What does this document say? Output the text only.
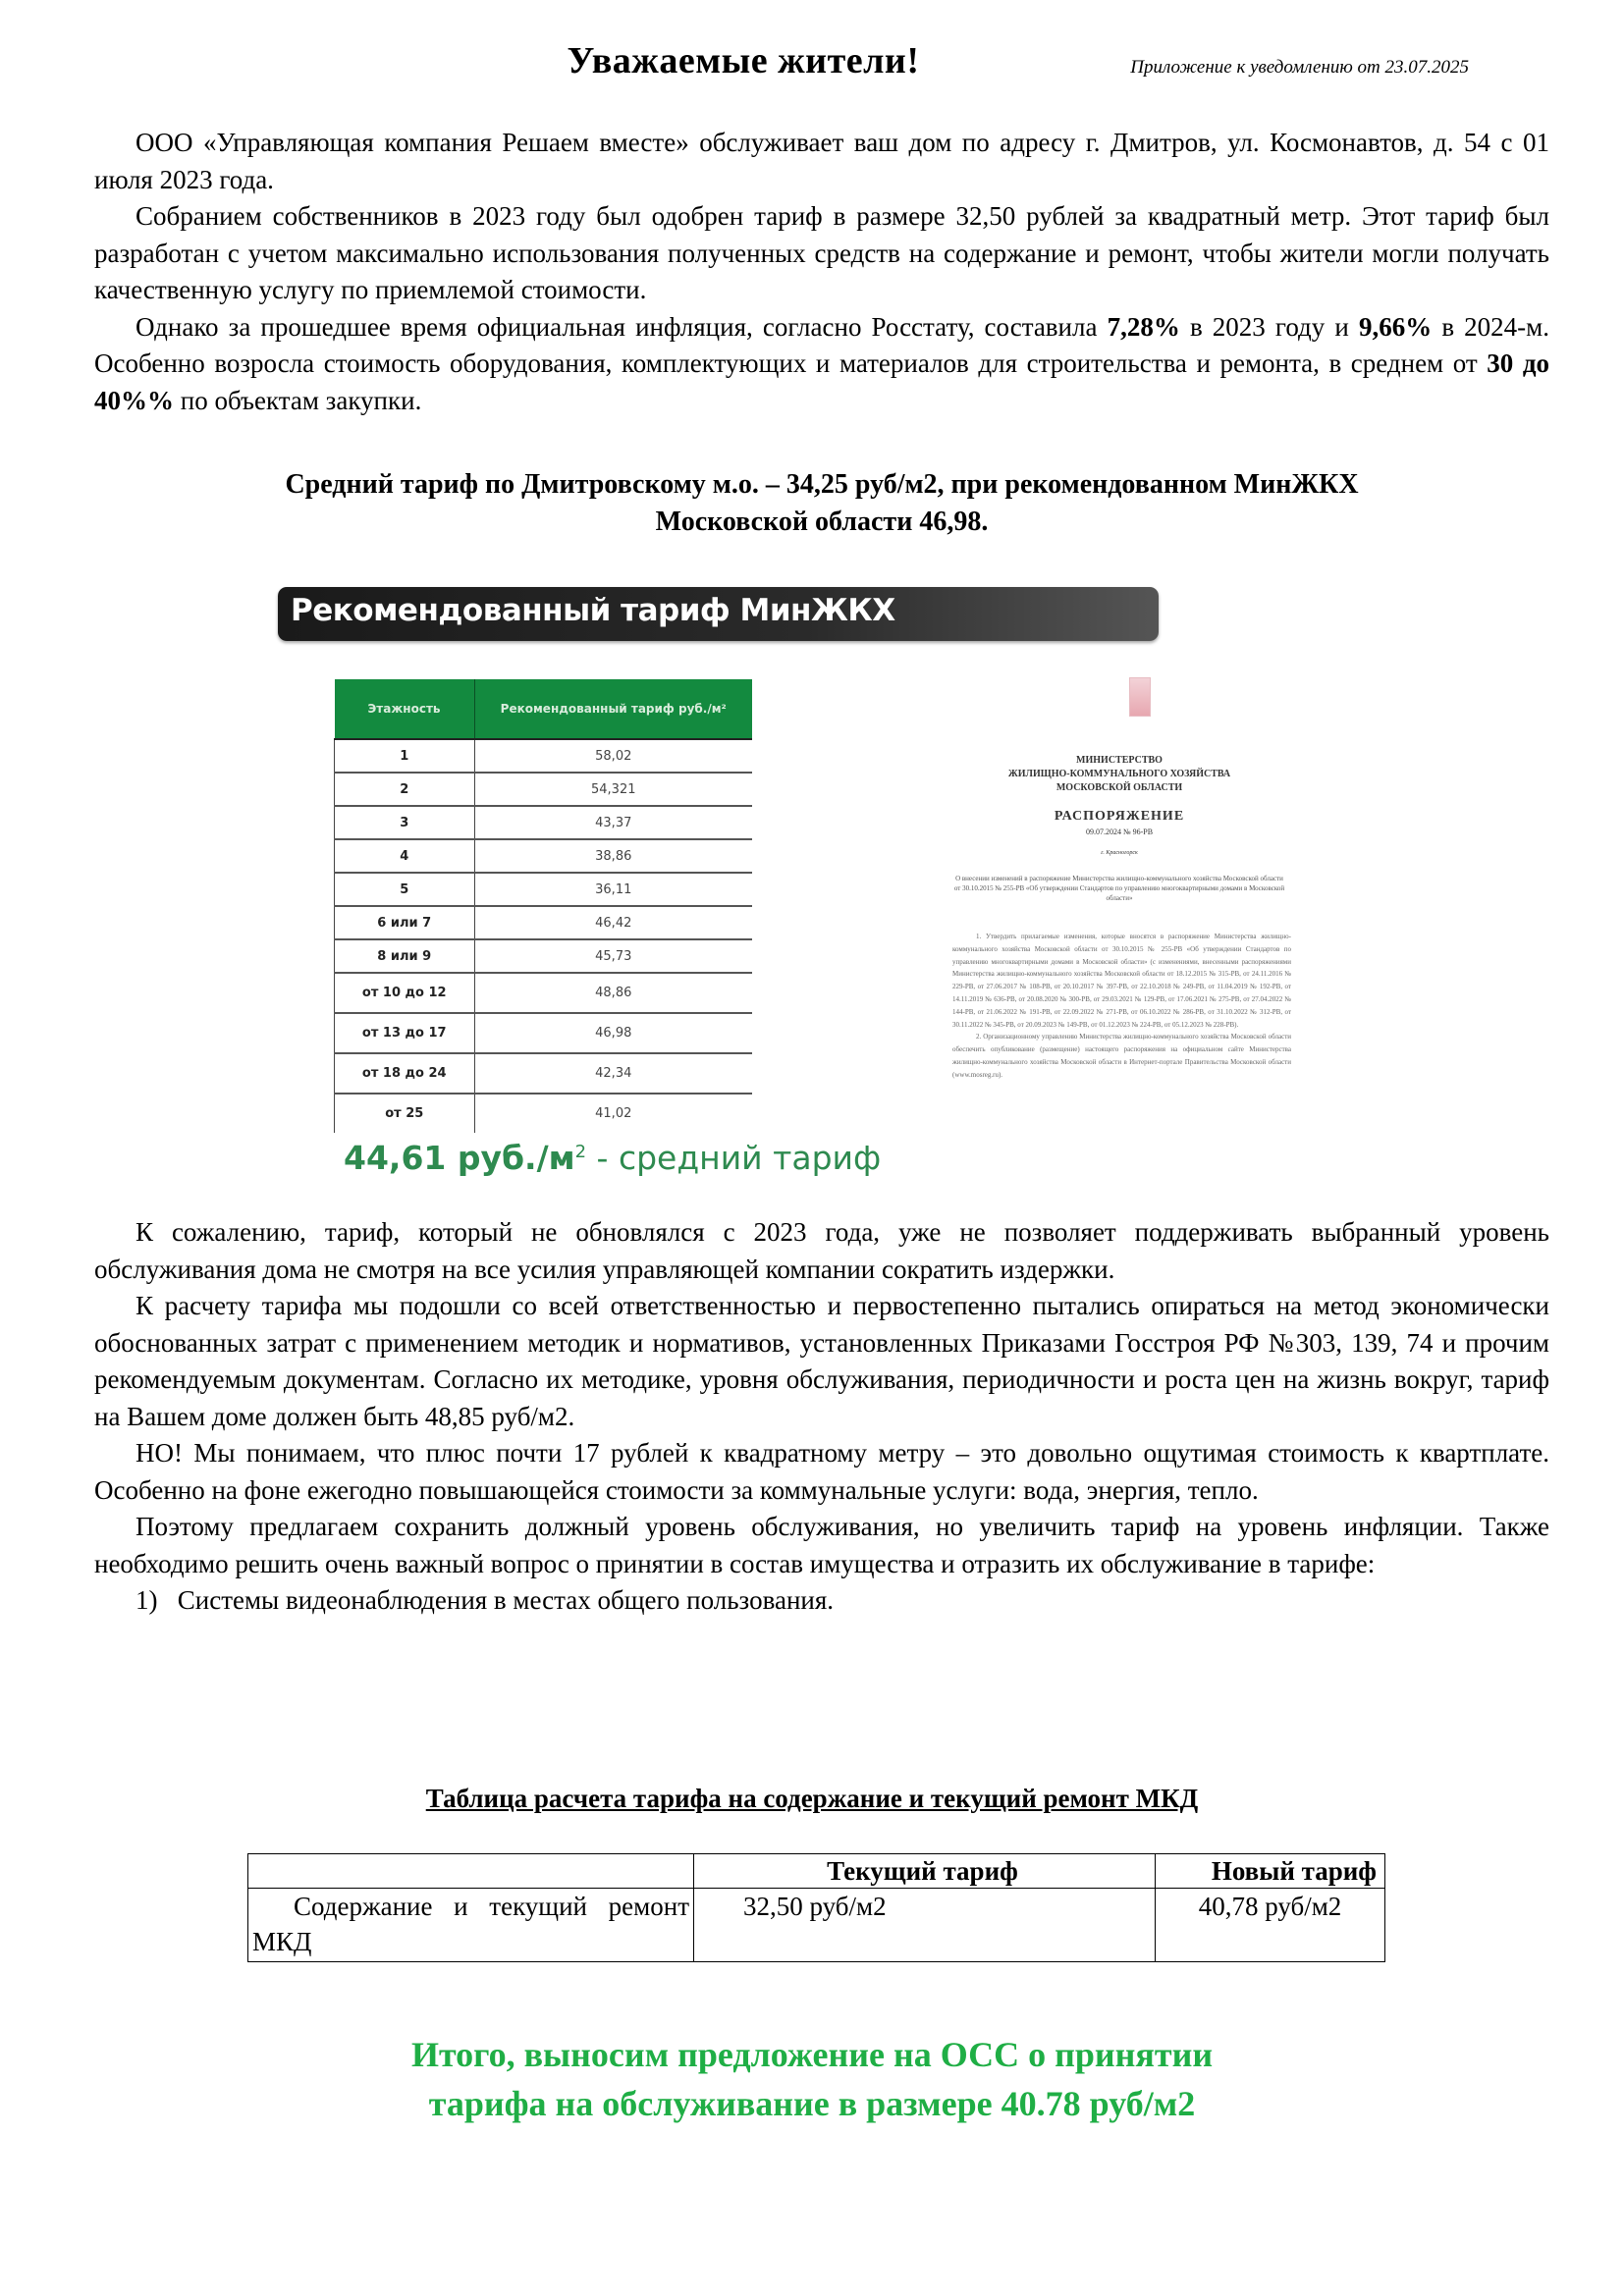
Уважаемые жители!	Приложение к уведомлению от 23.07.2025

ООО «Управляющая компания Решаем вместе» обслуживает ваш дом по адресу г. Дмитров, ул. Космонавтов, д. 54 с 01 июля 2023 года.

Собранием собственников в 2023 году был одобрен тариф в размере 32,50 рублей за квадратный метр. Этот тариф был разработан с учетом максимально использования полученных средств на содержание и ремонт, чтобы жители могли получать качественную услугу по приемлемой стоимости.

Однако за прошедшее время официальная инфляция, согласно Росстату, составила 7,28% в 2023 году и 9,66% в 2024-м. Особенно возросла стоимость оборудования, комплектующих и материалов для строительства и ремонта, в среднем от 30 до 40%% по объектам закупки.

Средний тариф по Дмитровскому м.о. – 34,25 руб/м2, при рекомендованном МинЖКХ
Московской области 46,98.
Рекомендованный тариф МинЖКХ
Этажность	Рекомендованный тариф руб./м²
1	58,02
2	54,321
3	43,37
4	38,86
5	36,11
6 или 7	46,42
8 или 9	45,73
от 10 до 12	48,86
от 13 до 17	46,98
от 18 до 24	42,34
от 25	41,02
44,61 $руб./м^2$ - средний тариф
МИНИСТЕРСТВО
ЖИЛИЩНО-КОММУНАЛЬНОГО ХОЗЯЙСТВА
МОСКОВСКОЙ ОБЛАСТИ
РАСПОРЯЖЕНИЕ
09.07.2024 № 96-РВ
г. Красногорск
О внесении изменений в распоряжение Министерства жилищно-коммунального хозяйства Московской области от 30.10.2015 № 255-РВ «Об утверждении Стандартов по управлению многоквартирными домами в Московской области»

1. Утвердить прилагаемые изменения, которые вносятся в распоряжение Министерства жилищно-коммунального хозяйства Московской области от 30.10.2015 № 255-РВ «Об утверждении Стандартов по управлению многоквартирными домами в Московской области» (с изменениями, внесенными распоряжениями Министерства жилищно-коммунального хозяйства Московской области от 18.12.2015 № 315-РВ, от 24.11.2016 № 229-РВ, от 27.06.2017 № 108-РВ, от 20.10.2017 № 397-РВ, от 22.10.2018 № 249-РВ, от 11.04.2019 № 192-РВ, от 14.11.2019 № 636-РВ, от 20.08.2020 № 300-РВ, от 29.03.2021 № 129-РВ, от 17.06.2021 № 275-РВ, от 27.04.2022 № 144-РВ, от 21.06.2022 № 191-РВ, от 22.09.2022 № 271-РВ, от 06.10.2022 № 286-РВ, от 31.10.2022 № 312-РВ, от 30.11.2022 № 345-РВ, от 20.09.2023 № 149-РВ, от 01.12.2023 № 224-РВ, от 05.12.2023 № 228-РВ).

2. Организационному управлению Министерства жилищно-коммунального хозяйства Московской области обеспечить опубликование (размещение) настоящего распоряжения на официальном сайте Министерства жилищно-коммунального хозяйства Московской области в Интернет-портале Правительства Московской области (www.mosreg.ru).

К сожалению, тариф, который не обновлялся с 2023 года, уже не позволяет поддерживать выбранный уровень обслуживания дома не смотря на все усилия управляющей компании сократить издержки.

К расчету тарифа мы подошли со всей ответственностью и первостепенно пытались опираться на метод экономически обоснованных затрат с применением методик и нормативов, установленных Приказами Госстроя РФ №303, 139, 74 и прочим рекомендуемым документам. Согласно их методике, уровня обслуживания, периодичности и роста цен на жизнь вокруг, тариф на Вашем доме должен быть 48,85 руб/м2.

НО! Мы понимаем, что плюс почти 17 рублей к квадратному метру – это довольно ощутимая стоимость к квартплате. Особенно на фоне ежегодно повышающейся стоимости за коммунальные услуги: вода, энергия, тепло.

Поэтому предлагаем сохранить должный уровень обслуживания, но увеличить тариф на уровень инфляции. Также необходимо решить очень важный вопрос о принятии в состав имущества и отразить их обслуживание в тарифе:

1) Системы видеонаблюдения в местах общего пользования.

Таблица расчета тарифа на содержание и текущий ремонт МКД
	Текущий тариф	Новый тариф
Содержание и текущий ремонт МКД	32,50 руб/м2	40,78 руб/м2
Итого, выносим предложение на ОСС о принятии
тарифа на обслуживание в размере 40.78 руб/м2
